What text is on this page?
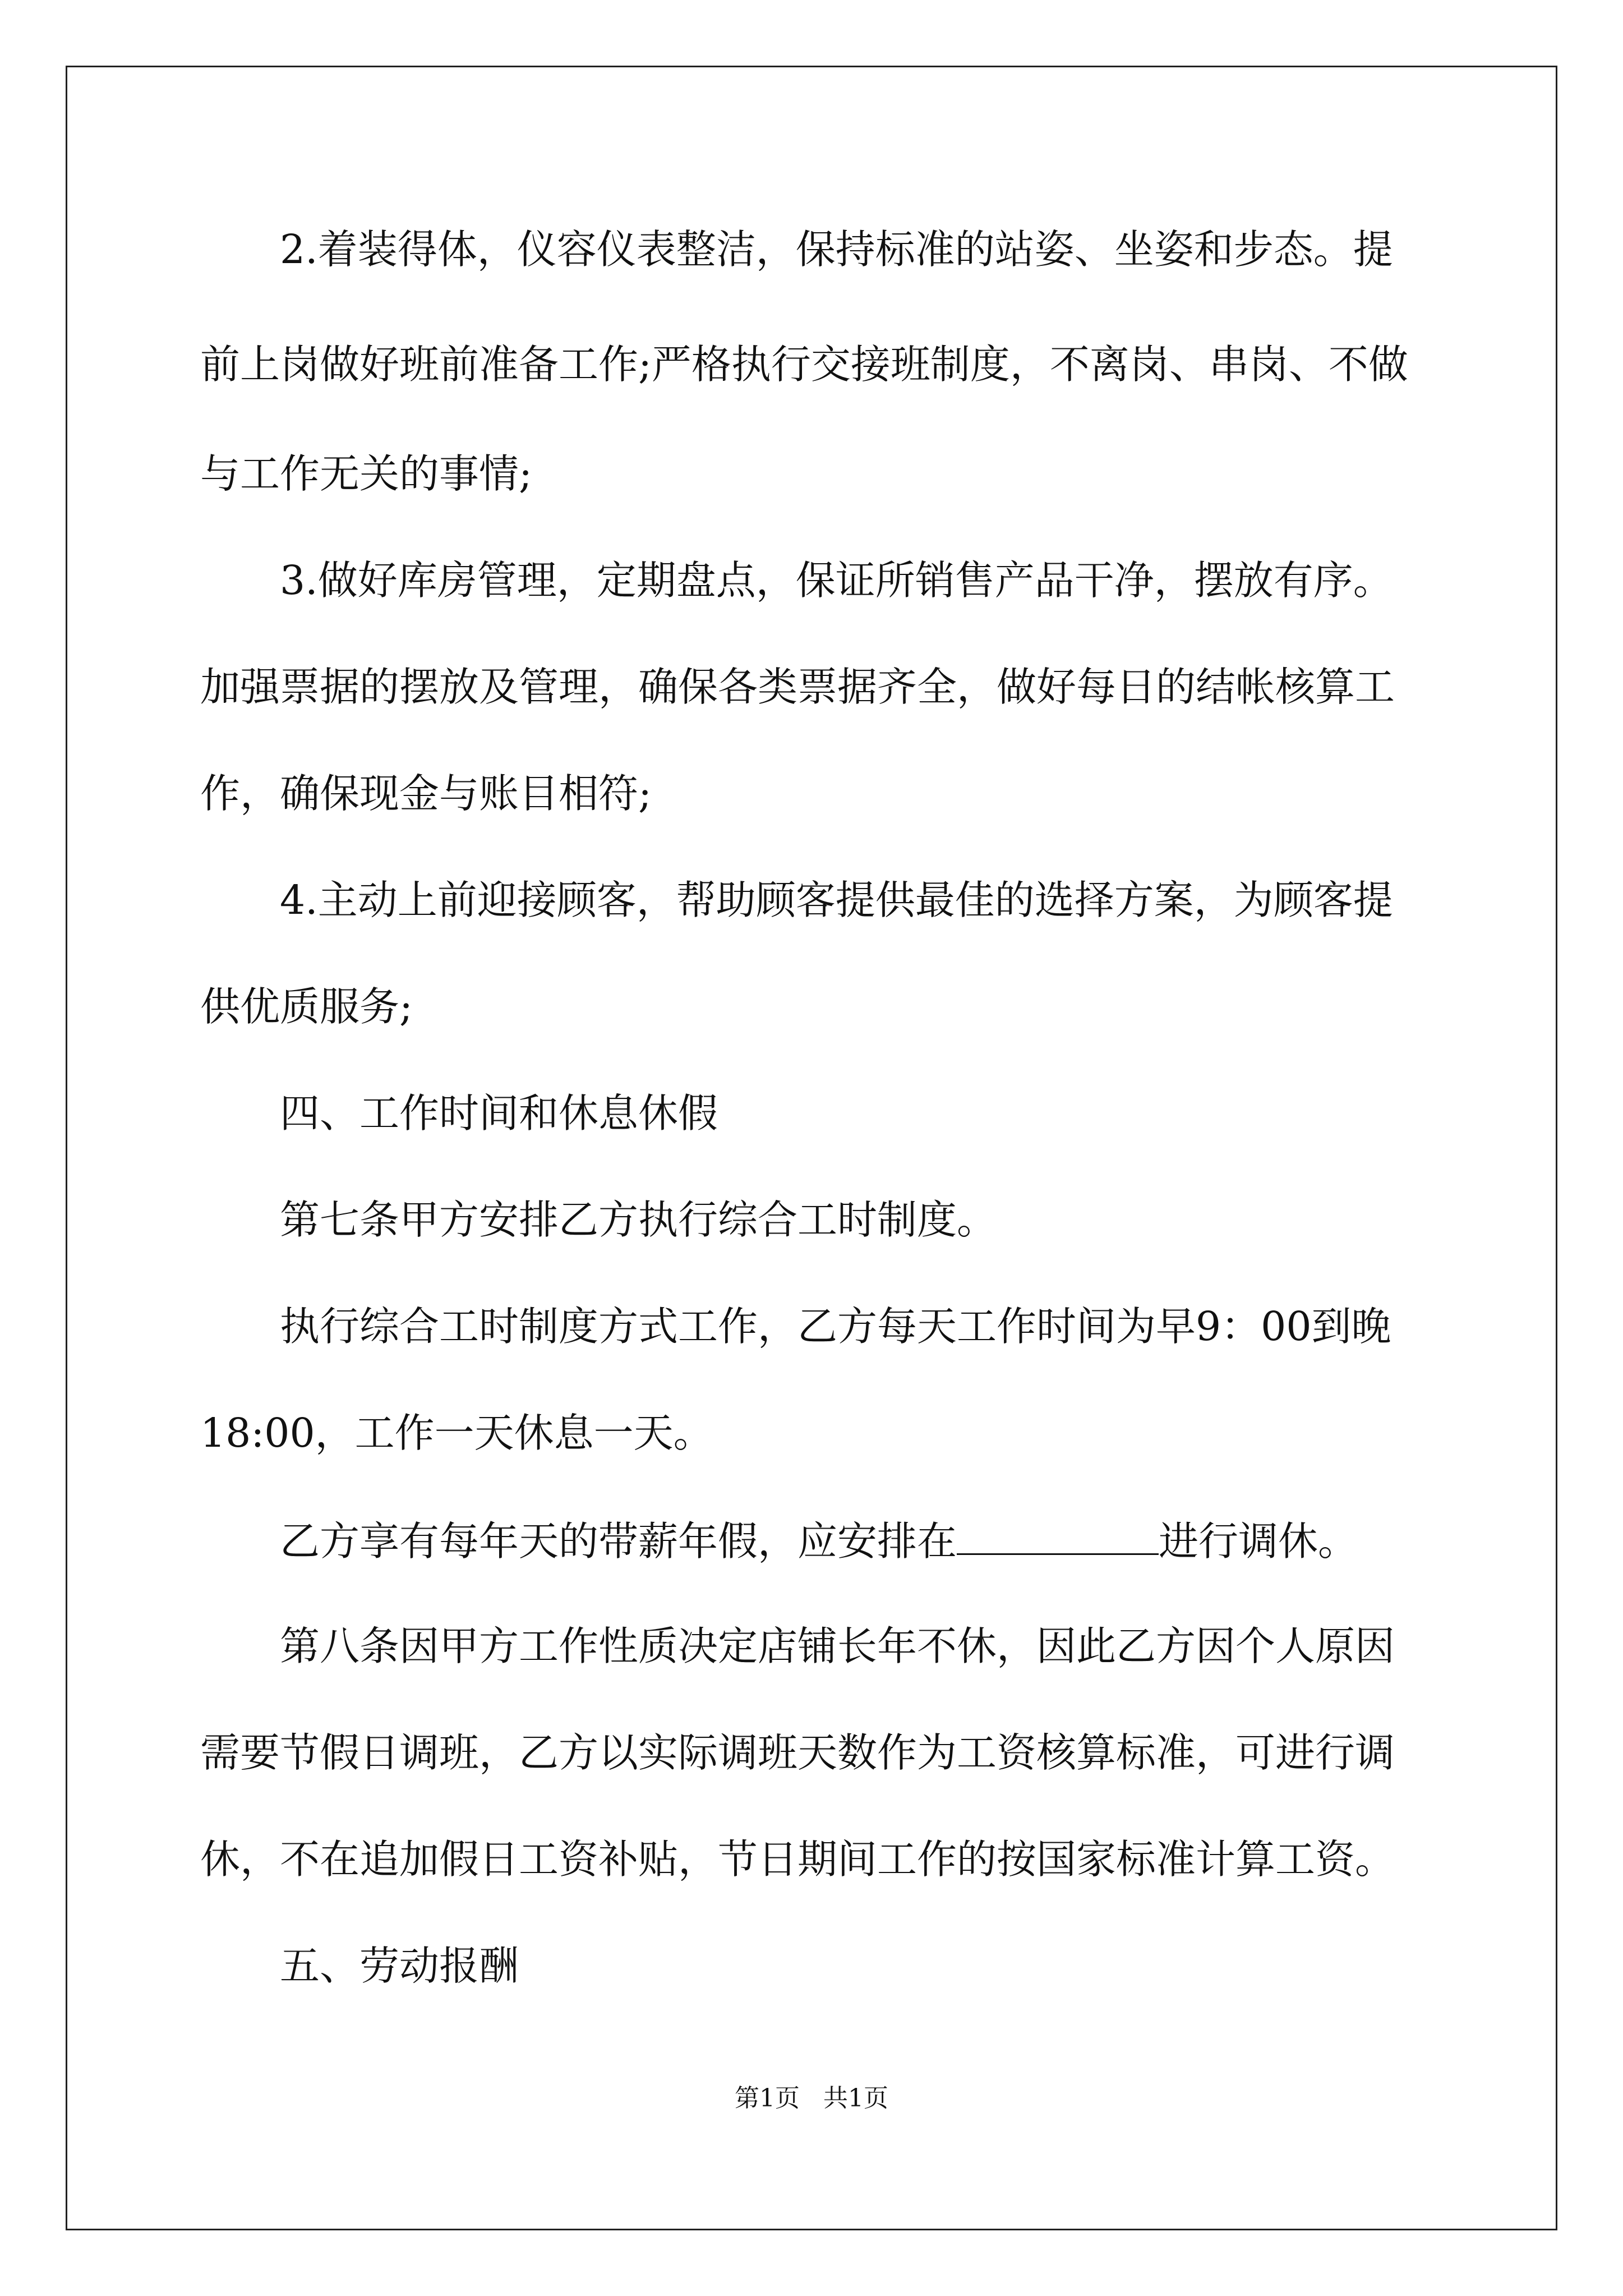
2.着装得体，仪容仪表整洁，保持标准的站姿、坐姿和步态。提
前上岗做好班前准备工作;严格执行交接班制度，不离岗、串岗、不做
与工作无关的事情;
3.做好库房管理，定期盘点，保证所销售产品干净，摆放有序。
加强票据的摆放及管理，确保各类票据齐全，做好每日的结帐核算工
作，确保现金与账目相符;
4.主动上前迎接顾客，帮助顾客提供最佳的选择方案，为顾客提
供优质服务;
四、工作时间和休息休假
第七条甲方安排乙方执行综合工时制度。
执行综合工时制度方式工作，乙方每天工作时间为早9：00到晚
18:00，工作一天休息一天。
乙方享有每年天的带薪年假，应安排在	进行调休。
第八条因甲方工作性质决定店铺长年不休，因此乙方因个人原因
需要节假日调班，乙方以实际调班天数作为工资核算标准，可进行调
休，不在追加假日工资补贴，节日期间工作的按国家标准计算工资。
五、劳动报酬
第1页   共1页
